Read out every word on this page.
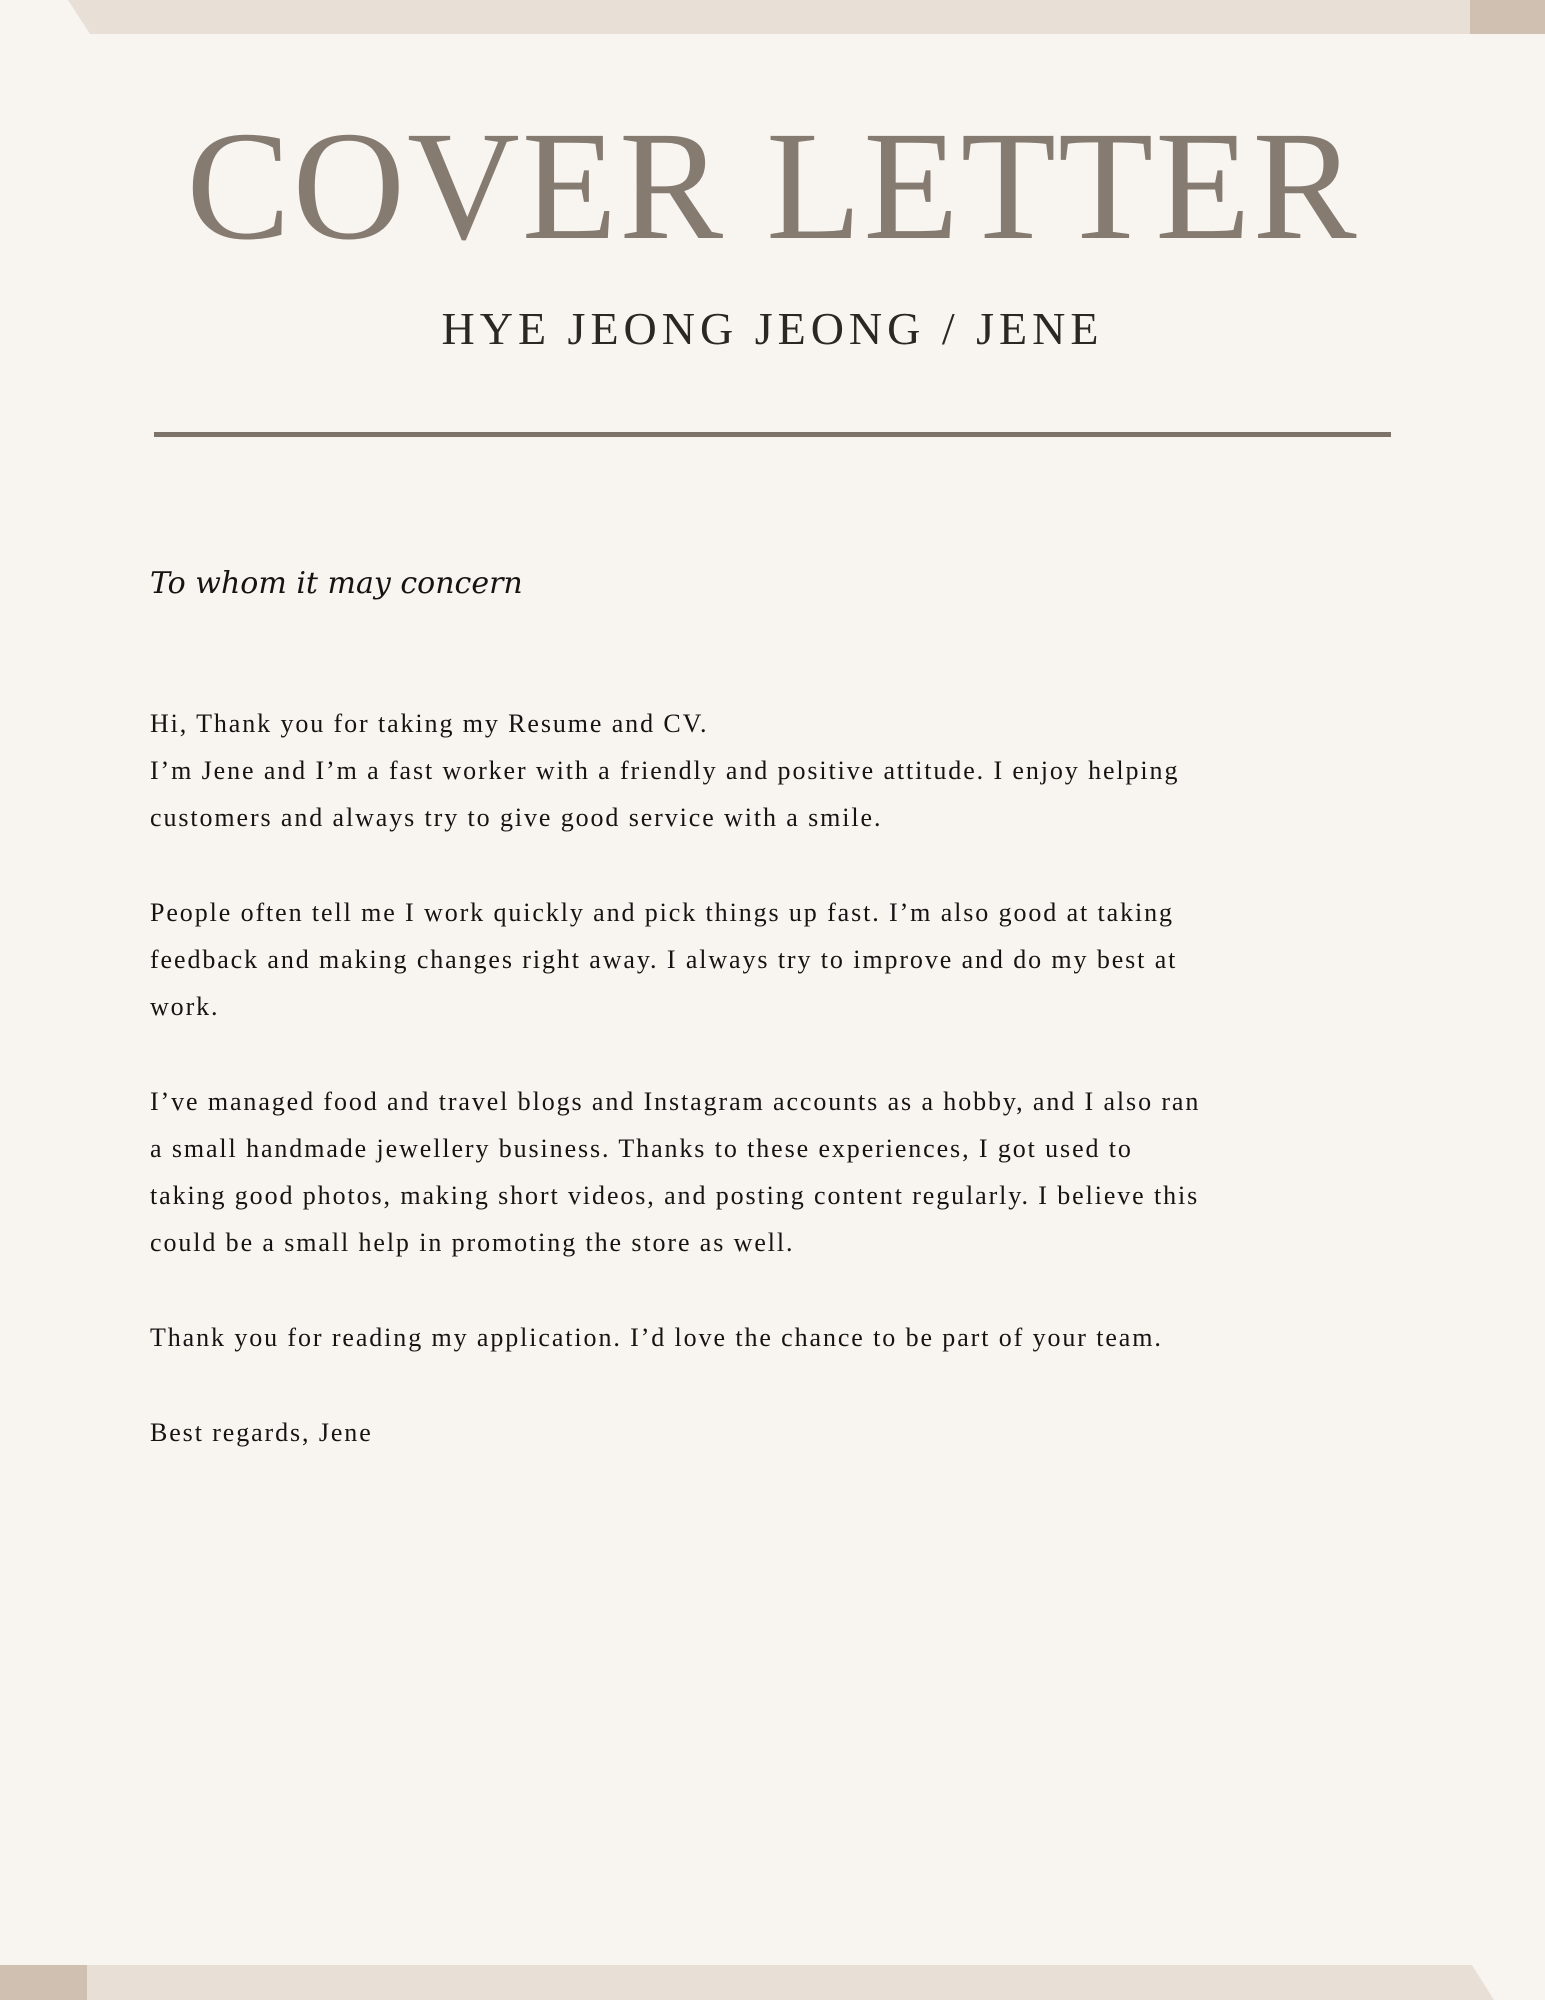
COVER LETTER
HYE JEONG JEONG / JENE
To whom it may concern

Hi, Thank you for taking my Resume and CV.
I’m Jene and I’m a fast worker with a friendly and positive attitude. I enjoy helping
customers and always try to give good service with a smile.

People often tell me I work quickly and pick things up fast. I’m also good at taking
feedback and making changes right away. I always try to improve and do my best at
work.

I’ve managed food and travel blogs and Instagram accounts as a hobby, and I also ran
a small handmade jewellery business. Thanks to these experiences, I got used to
taking good photos, making short videos, and posting content regularly. I believe this
could be a small help in promoting the store as well.

Thank you for reading my application. I’d love the chance to be part of your team.

Best regards, Jene
